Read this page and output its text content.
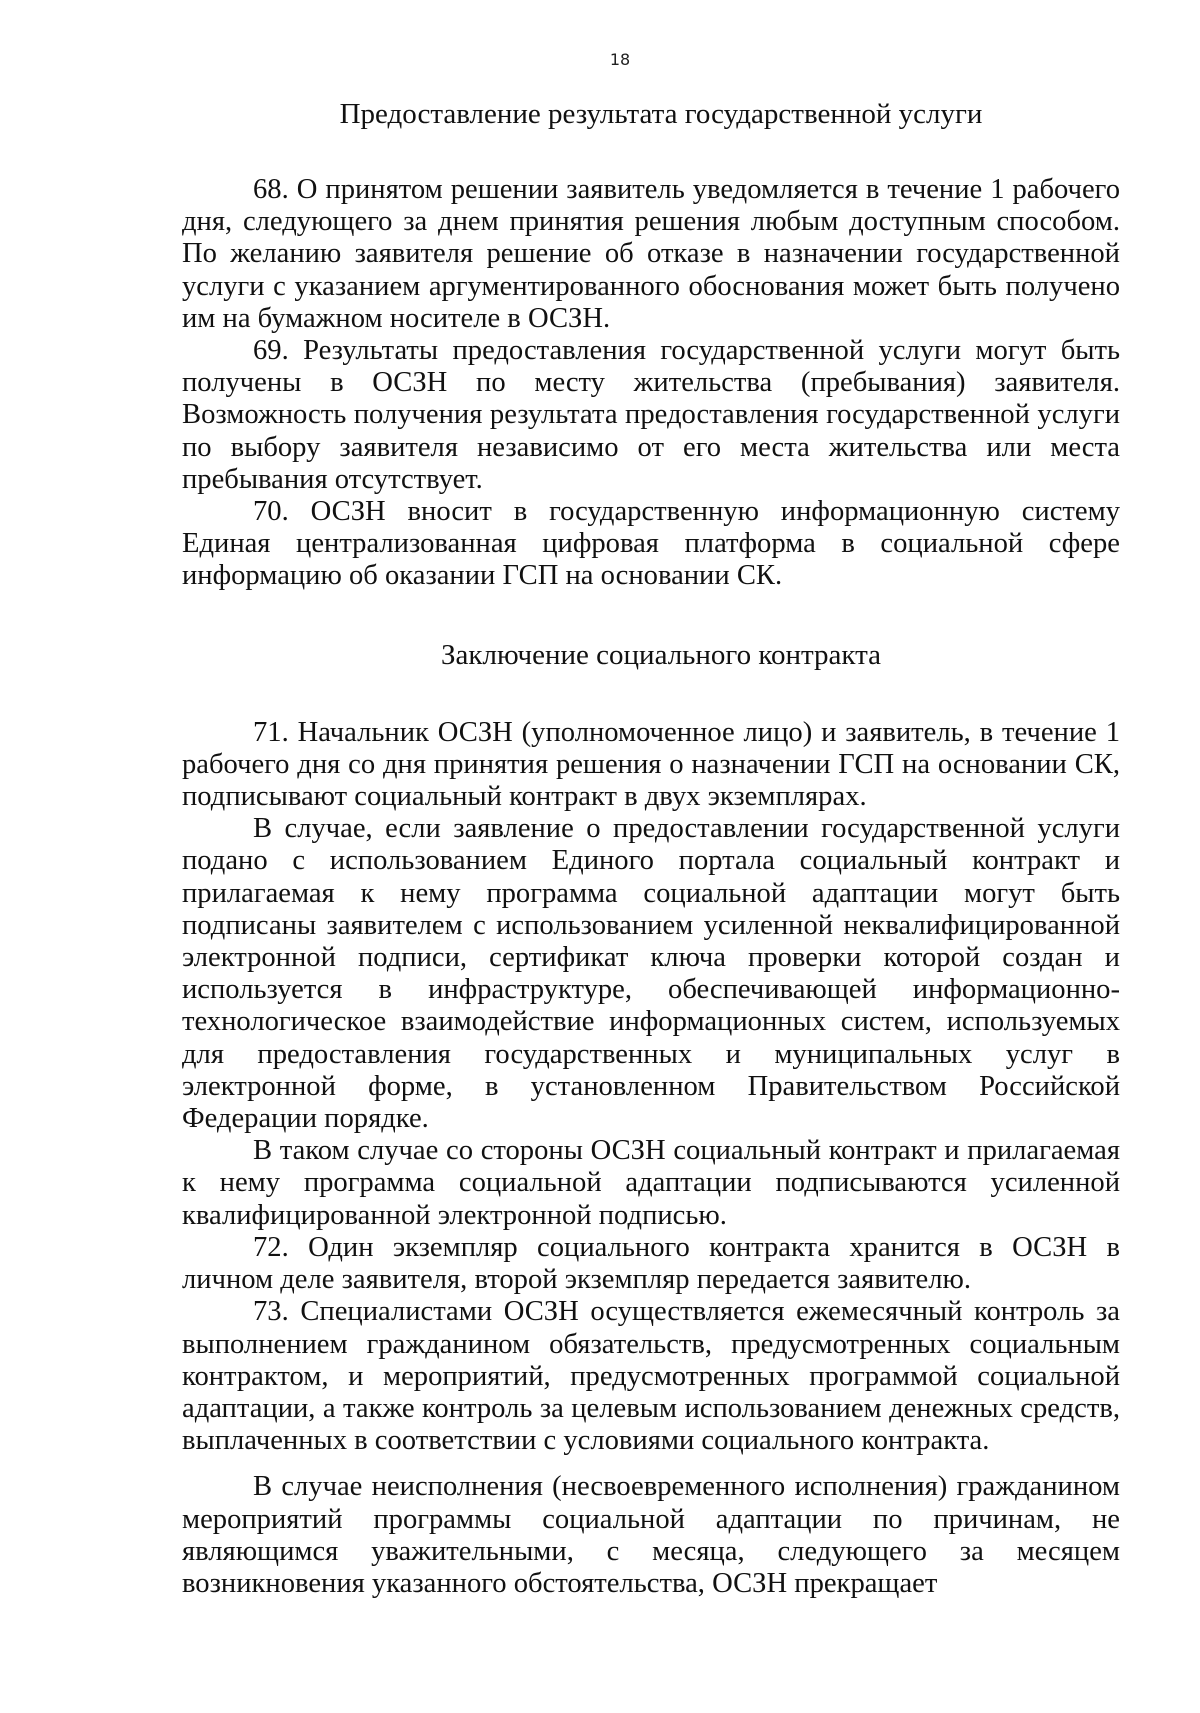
18
Предоставление результата государственной услуги

68. О принятом решении заявитель уведомляется в течение 1 рабочего дня, следующего за днем принятия решения любым доступным способом. По желанию заявителя решение об отказе в назначении государственной услуги с указанием аргументированного обоснования может быть получено им на бумажном носителе в ОСЗН.

69. Результаты предоставления государственной услуги могут быть получены в ОСЗН по месту жительства (пребывания) заявителя. Возможность получения результата предоставления государственной услуги по выбору заявителя независимо от его места жительства или места пребывания отсутствует.

70. ОСЗН вносит в государственную информационную систему Единая централизованная цифровая платформа в социальной сфере информацию об оказании ГСП на основании СК.

Заключение социального контракта

71. Начальник ОСЗН (уполномоченное лицо) и заявитель, в течение 1 рабочего дня со дня принятия решения о назначении ГСП на основании СК, подписывают социальный контракт в двух экземплярах.

В случае, если заявление о предоставлении государственной услуги подано с использованием Единого портала социальный контракт и прилагаемая к нему программа социальной адаптации могут быть подписаны заявителем с использованием усиленной неквалифицированной электронной подписи, сертификат ключа проверки которой создан и используется в инфраструктуре, обеспечивающей информационно-технологическое взаимодействие информационных систем, используемых для предоставления государственных и муниципальных услуг в электронной форме, в установленном Правительством Российской Федерации порядке.

В таком случае со стороны ОСЗН социальный контракт и прилагаемая к нему программа социальной адаптации подписываются усиленной квалифицированной электронной подписью.

72. Один экземпляр социального контракта хранится в ОСЗН в личном деле заявителя, второй экземпляр передается заявителю.

73. Специалистами ОСЗН осуществляется ежемесячный контроль за выполнением гражданином обязательств, предусмотренных социальным контрактом, и мероприятий, предусмотренных программой социальной адаптации, а также контроль за целевым использованием денежных средств, выплаченных в соответствии с условиями социального контракта.

В случае неисполнения (несвоевременного исполнения) гражданином мероприятий программы социальной адаптации по причинам, не являющимся уважительными, с месяца, следующего за месяцем возникновения указанного обстоятельства, ОСЗН прекращает
